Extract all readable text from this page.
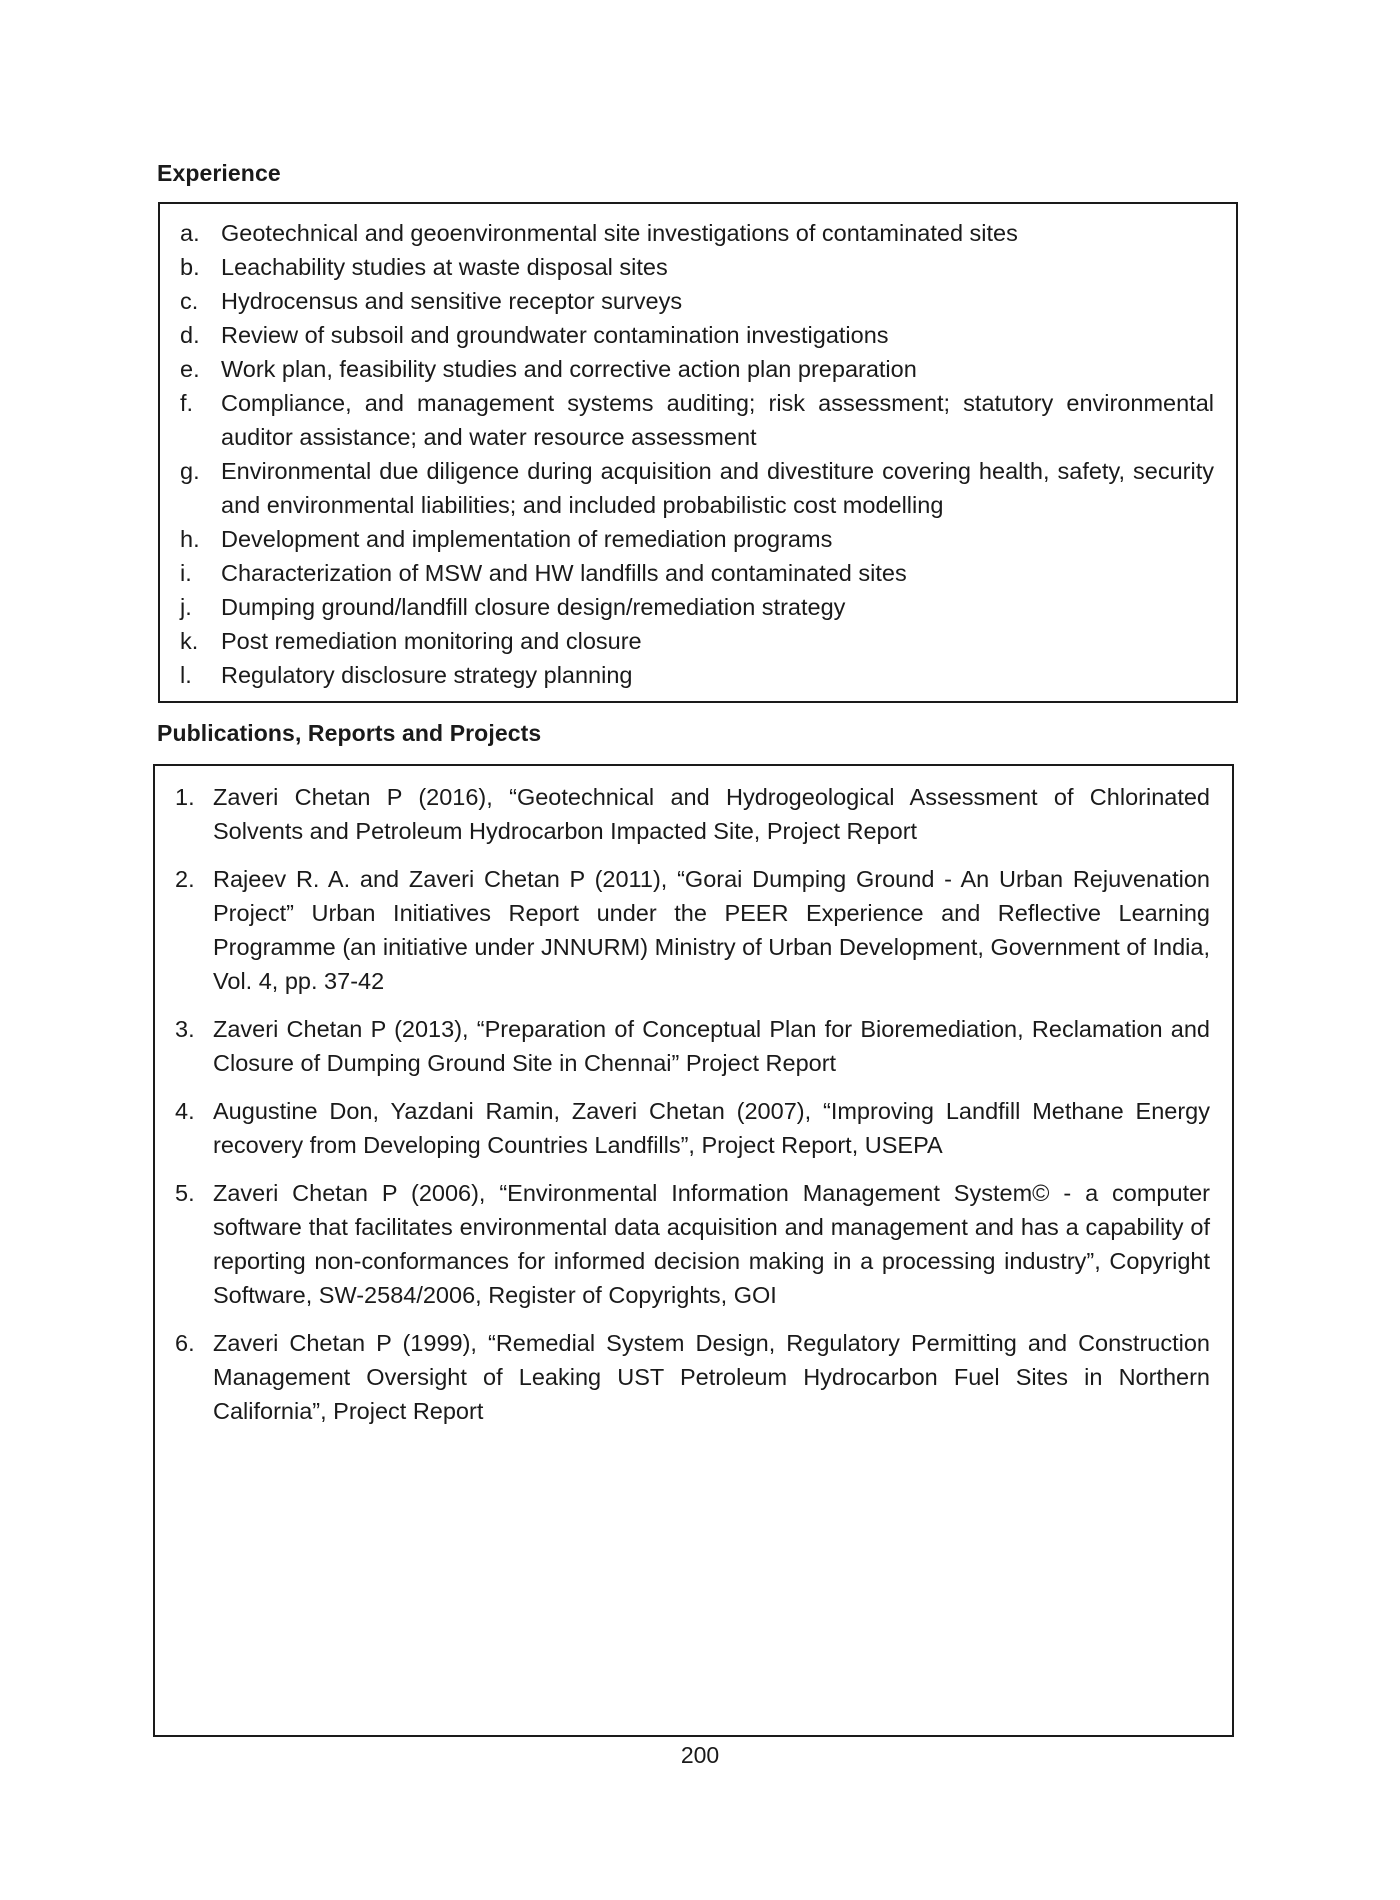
Experience
a. Geotechnical and geoenvironmental site investigations of contaminated sites
b. Leachability studies at waste disposal sites
c. Hydrocensus and sensitive receptor surveys
d. Review of subsoil and groundwater contamination investigations
e. Work plan, feasibility studies and corrective action plan preparation
f.	Compliance, and management systems auditing; risk assessment; statutory environmental auditor assistance; and water resource assessment
g. Environmental due diligence during acquisition and divestiture covering health, safety, security and environmental liabilities; and included probabilistic cost modelling
h. Development and implementation of remediation programs
i.	Characterization of MSW and HW landfills and contaminated sites
j.	Dumping ground/landfill closure design/remediation strategy
k. Post remediation monitoring and closure
l.	Regulatory disclosure strategy planning
Publications, Reports and Projects
1. Zaveri Chetan P (2016), “Geotechnical and Hydrogeological Assessment of Chlorinated Solvents and Petroleum Hydrocarbon Impacted Site, Project Report
2. Rajeev R. A. and Zaveri Chetan P (2011), “Gorai Dumping Ground - An Urban Rejuvenation Project” Urban Initiatives Report under the PEER Experience and Reflective Learning Programme (an initiative under JNNURM) Ministry of Urban Development, Government of India, Vol. 4, pp. 37-42
3. Zaveri Chetan P (2013), “Preparation of Conceptual Plan for Bioremediation, Reclamation and Closure of Dumping Ground Site in Chennai” Project Report
4. Augustine Don, Yazdani Ramin, Zaveri Chetan (2007), “Improving Landfill Methane Energy recovery from Developing Countries Landfills”, Project Report, USEPA
5. Zaveri Chetan P (2006), “Environmental Information Management System© - a computer software that facilitates environmental data acquisition and management and has a capability of reporting non-conformances for informed decision making in a processing industry”, Copyright Software, SW-2584/2006, Register of Copyrights, GOI
6. Zaveri Chetan P (1999), “Remedial System Design, Regulatory Permitting and Construction Management Oversight of Leaking UST Petroleum Hydrocarbon Fuel Sites in Northern California”, Project Report
200
